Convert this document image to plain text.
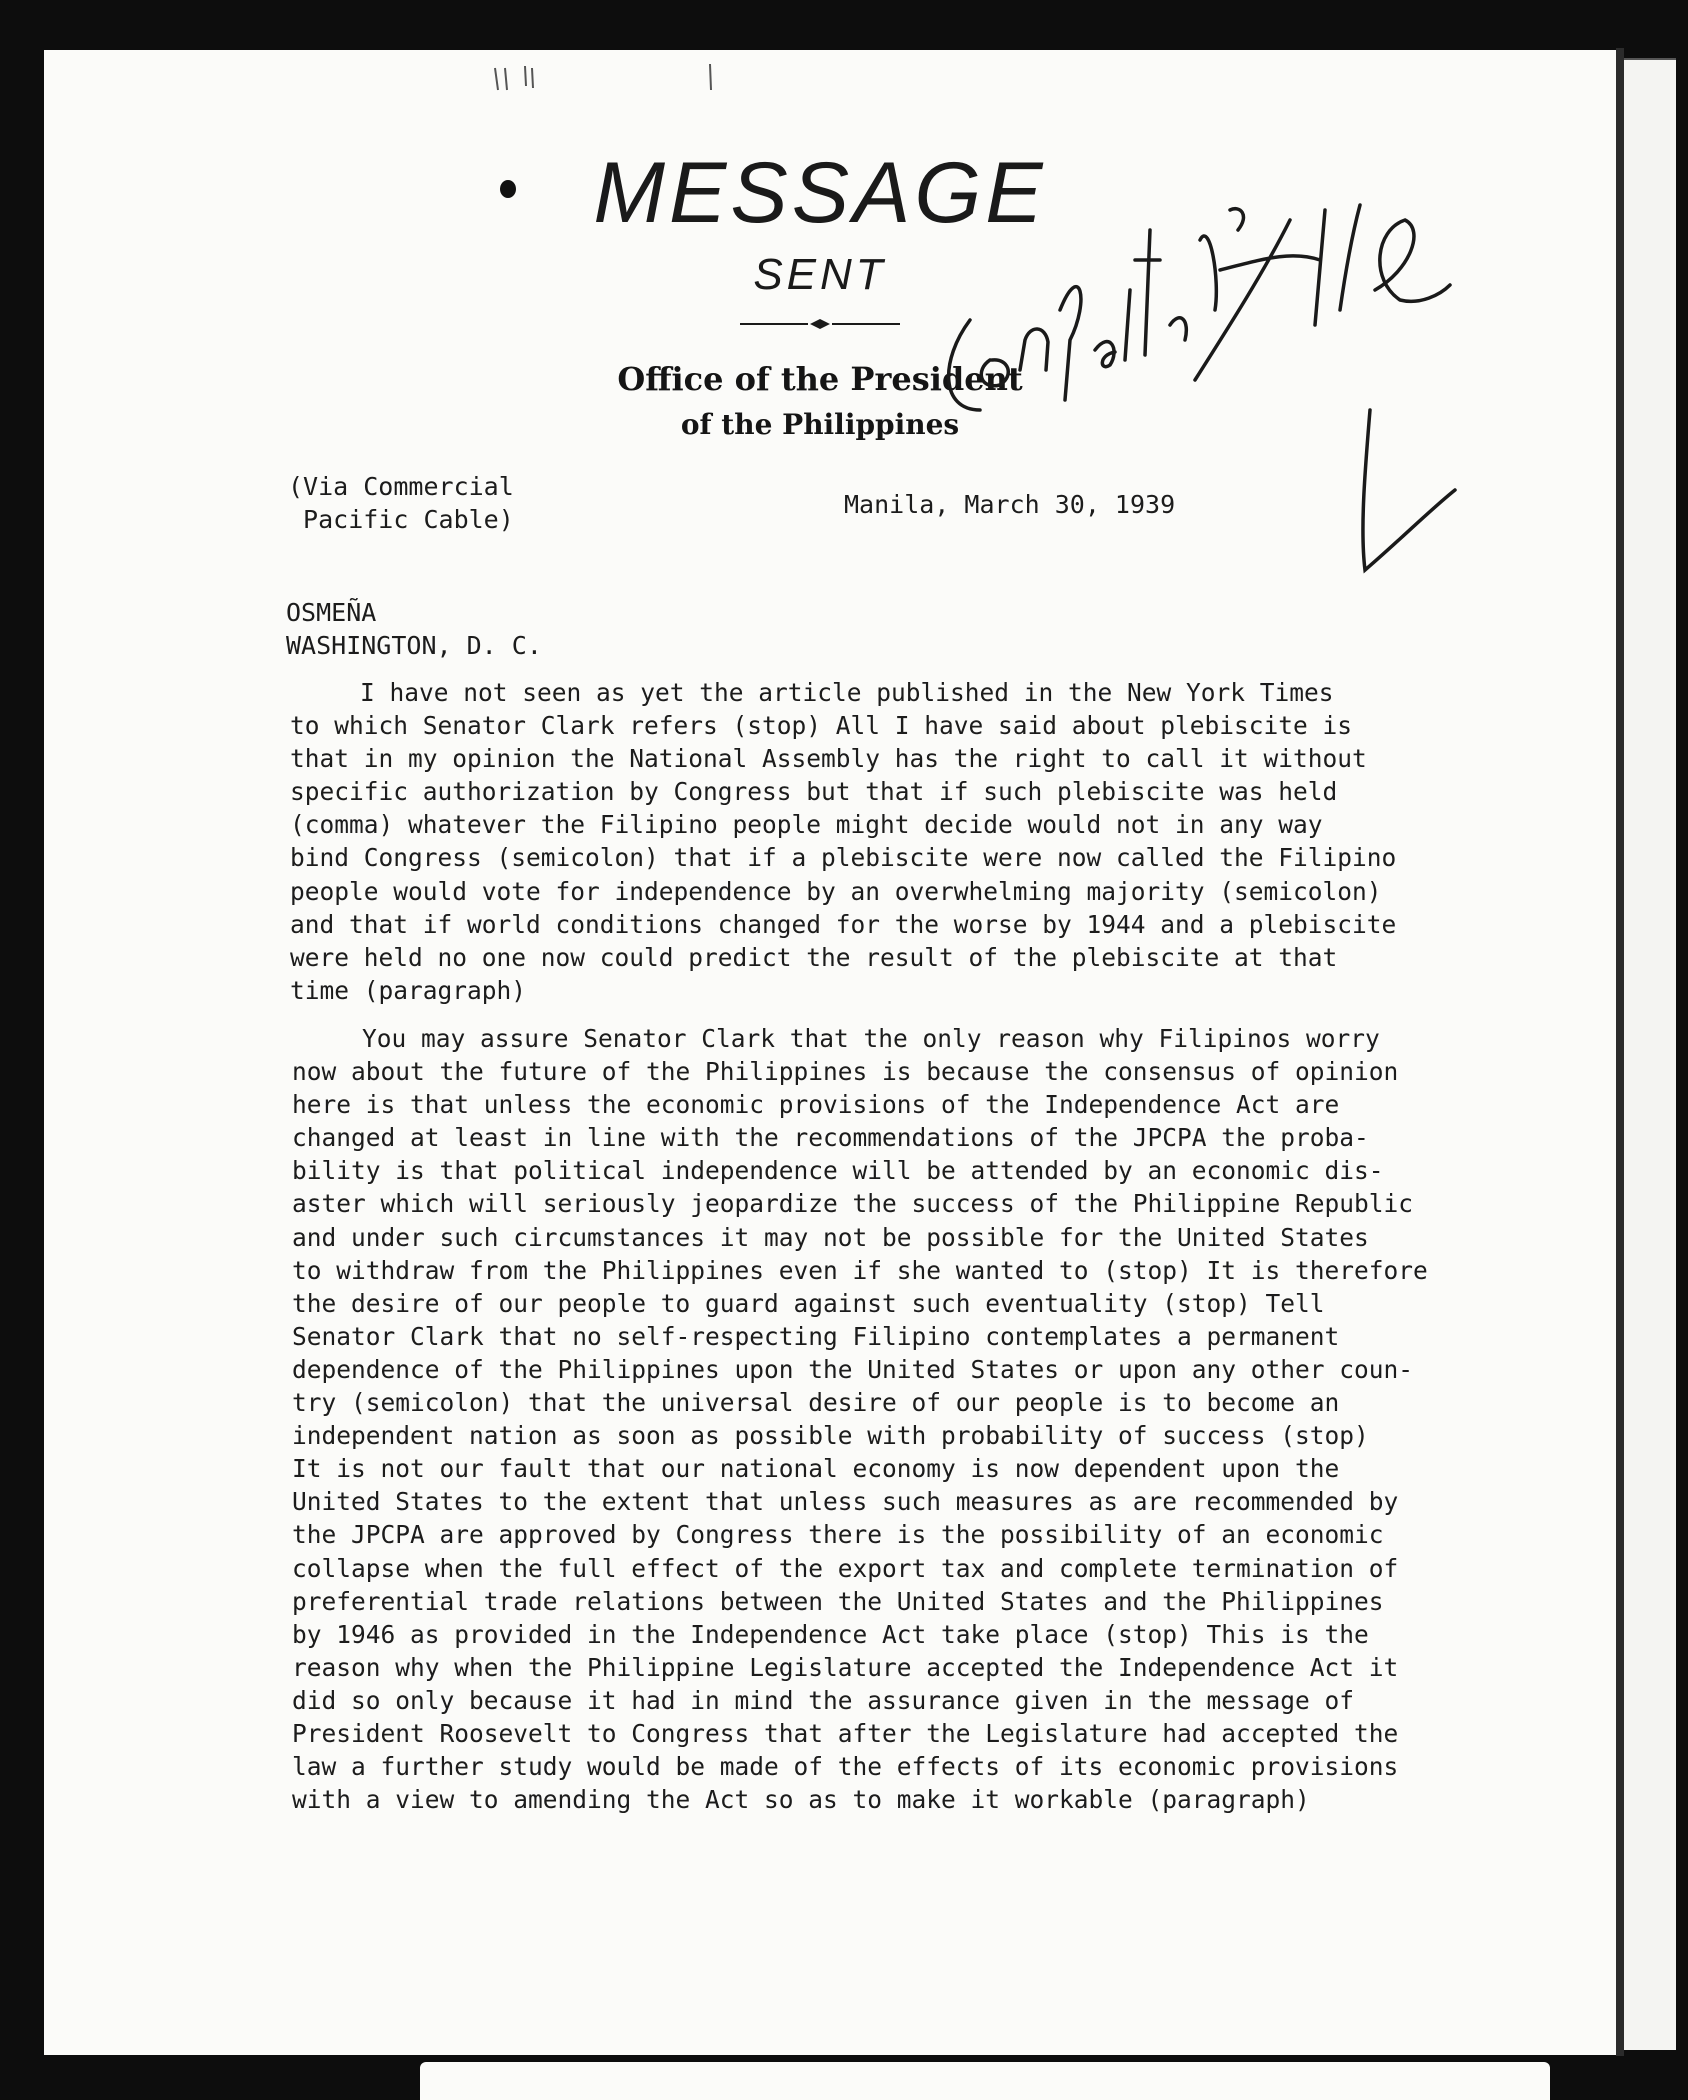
MESSAGE
SENT
Office of the President
of the Philippines
Confidential File
(Via Commercial
Pacific Cable)
Manila, March 30, 1939
OSMEÑA
WASHINGTON, D. C.
I have not seen as yet the article published in the New York Times
to which Senator Clark refers (stop) All I have said about plebiscite is
that in my opinion the National Assembly has the right to call it without
specific authorization by Congress but that if such plebiscite was held
(comma) whatever the Filipino people might decide would not in any way
bind Congress (semicolon) that if a plebiscite were now called the Filipino
people would vote for independence by an overwhelming majority (semicolon)
and that if world conditions changed for the worse by 1944 and a plebiscite
were held no one now could predict the result of the plebiscite at that
time (paragraph)
You may assure Senator Clark that the only reason why Filipinos worry
now about the future of the Philippines is because the consensus of opinion
here is that unless the economic provisions of the Independence Act are
changed at least in line with the recommendations of the JPCPA the proba-
bility is that political independence will be attended by an economic dis-
aster which will seriously jeopardize the success of the Philippine Republic
and under such circumstances it may not be possible for the United States
to withdraw from the Philippines even if she wanted to (stop) It is therefore
the desire of our people to guard against such eventuality (stop) Tell
Senator Clark that no self-respecting Filipino contemplates a permanent
dependence of the Philippines upon the United States or upon any other coun-
try (semicolon) that the universal desire of our people is to become an
independent nation as soon as possible with probability of success (stop)
It is not our fault that our national economy is now dependent upon the
United States to the extent that unless such measures as are recommended by
the JPCPA are approved by Congress there is the possibility of an economic
collapse when the full effect of the export tax and complete termination of
preferential trade relations between the United States and the Philippines
by 1946 as provided in the Independence Act take place (stop) This is the
reason why when the Philippine Legislature accepted the Independence Act it
did so only because it had in mind the assurance given in the message of
President Roosevelt to Congress that after the Legislature had accepted the
law a further study would be made of the effects of its economic provisions
with a view to amending the Act so as to make it workable (paragraph)
